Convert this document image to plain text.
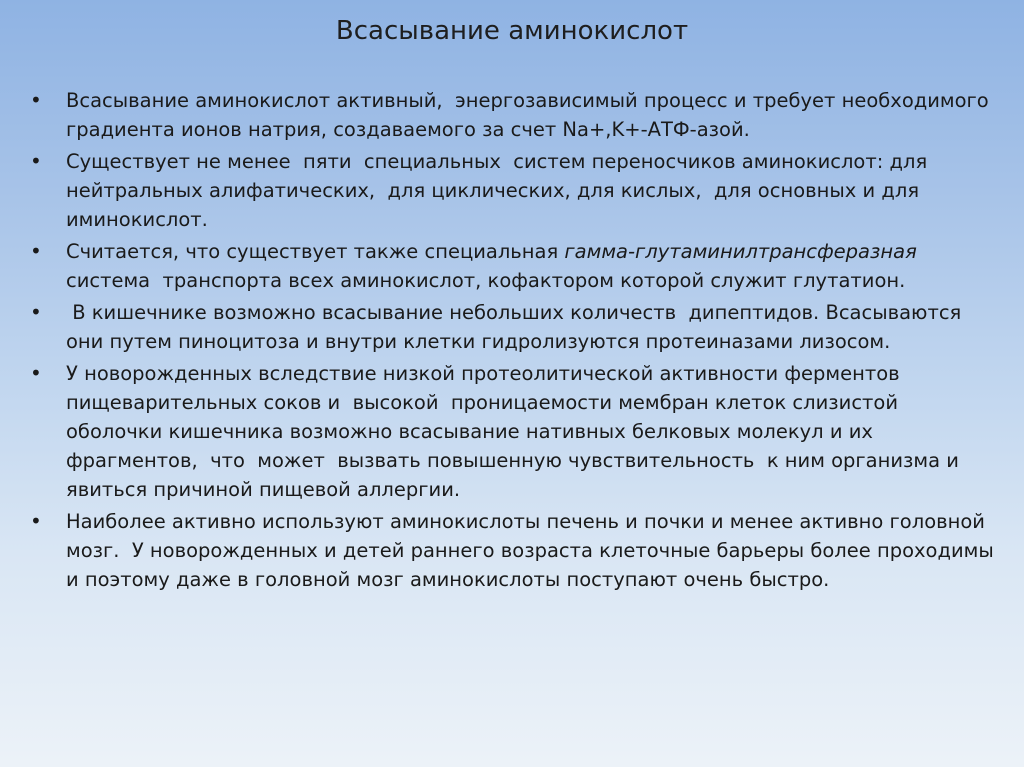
Всасывание аминокислот
•	Всасывание аминокислот активный,  энергозависимый процесс и требует необходимого градиента ионов натрия, создаваемого за счет Na+,K+-АТФ-азой.
•	Существует не менее  пяти  специальных  систем переносчиков аминокислот: для  нейтральных алифатических,  для циклических, для кислых,  для основных и для  иминокислот.
•	Считается, что существует также специальная гамма-глутаминилтрансферазная система  транспорта всех аминокислот, кофактором которой служит глутатион.
•	В кишечнике возможно всасывание небольших количеств  дипептидов. Всасываются они путем пиноцитоза и внутри клетки гидролизуются протеиназами лизосом.
•	У новорожденных вследствие низкой протеолитической активности ферментов пищеварительных соков и  высокой  проницаемости мембран клеток слизистой оболочки кишечника возможно всасывание нативных белковых молекул и их фрагментов,  что  может  вызвать повышенную чувствительность  к ним организма и явиться причиной пищевой аллергии.
•	Наиболее активно используют аминокислоты печень и почки и менее активно головной мозг.  У новорожденных и детей раннего возраста клеточные барьеры более проходимы и поэтому даже в головной мозг аминокислоты поступают очень быстро.
